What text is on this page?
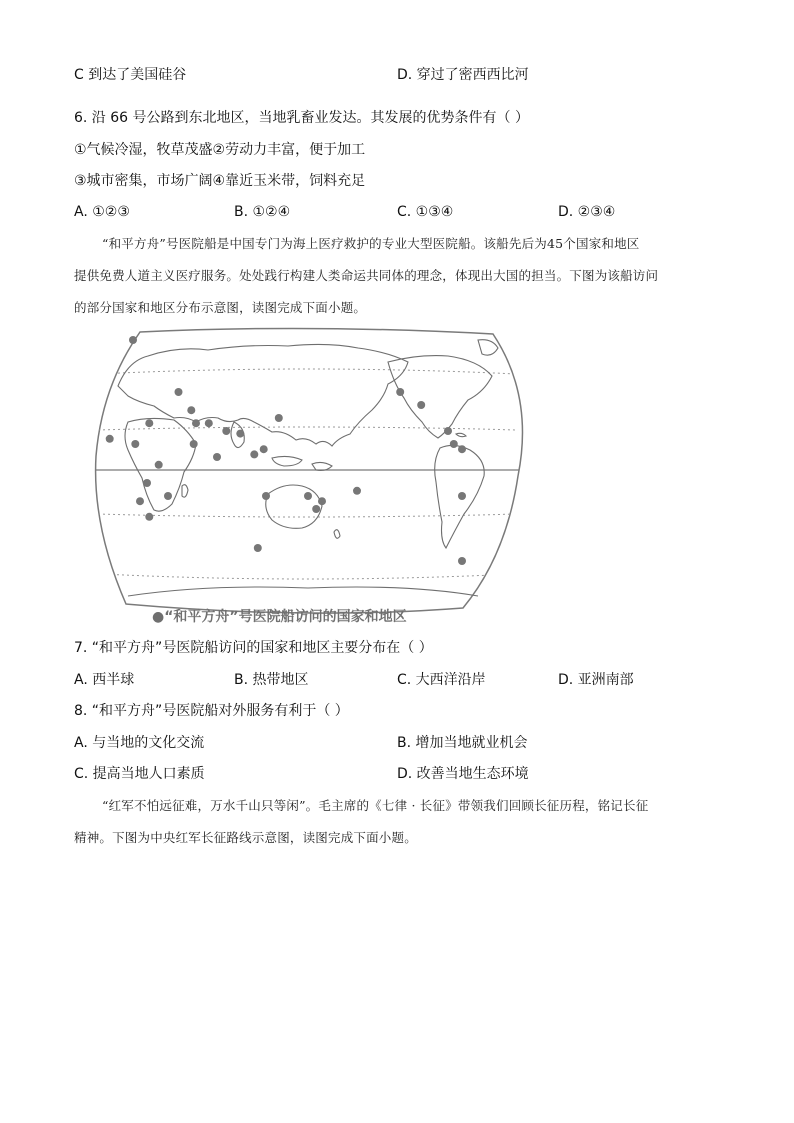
C 到达了美国硅谷	D. 穿过了密西西比河
6. 沿 66 号公路到东北地区，当地乳畜业发达。其发展的优势条件有（ ）
①气候冷湿，牧草茂盛②劳动力丰富，便于加工
③城市密集，市场广阔④靠近玉米带，饲料充足
A. ①②③	B. ①②④	C. ①③④	D. ②③④
“和平方舟”号医院船是中国专门为海上医疗救护的专业大型医院船。该船先后为45个国家和地区
提供免费人道主义医疗服务。处处践行构建人类命运共同体的理念，体现出大国的担当。下图为该船访问
的部分国家和地区分布示意图，读图完成下面小题。
●“和平方舟”号医院船访问的国家和地区
7. “和平方舟”号医院船访问的国家和地区主要分布在（ ）
A. 西半球	B. 热带地区	C. 大西洋沿岸	D. 亚洲南部
8. “和平方舟”号医院船对外服务有利于（ ）
A. 与当地的文化交流	B. 增加当地就业机会
C. 提高当地人口素质	D. 改善当地生态环境
“红军不怕远征难，万水千山只等闲”。毛主席的《七律 · 长征》带领我们回顾长征历程，铭记长征
精神。下图为中央红军长征路线示意图，读图完成下面小题。
